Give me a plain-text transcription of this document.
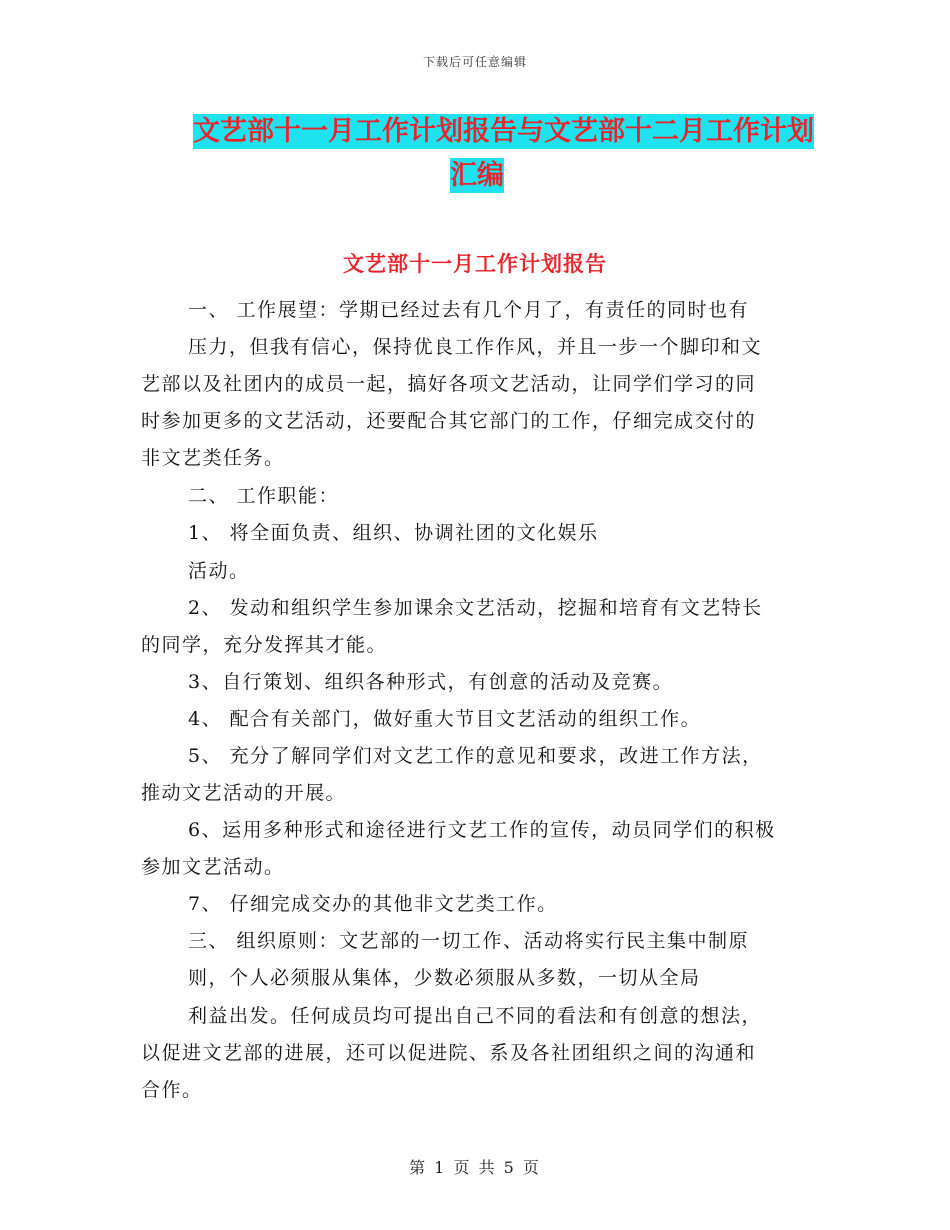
下载后可任意编辑
文艺部十一月工作计划报告与文艺部十二月工作计划
汇编
文艺部十一月工作计划报告
一、 工作展望：学期已经过去有几个月了，有责任的同时也有
压力，但我有信心，保持优良工作作风，并且一步一个脚印和文
艺部以及社团内的成员一起，搞好各项文艺活动，让同学们学习的同
时参加更多的文艺活动，还要配合其它部门的工作，仔细完成交付的
非文艺类任务。
二、 工作职能：
1、 将全面负责、组织、协调社团的文化娱乐
活动。
2、 发动和组织学生参加课余文艺活动，挖掘和培育有文艺特长
的同学，充分发挥其才能。
3、自行策划、组织各种形式，有创意的活动及竞赛。
4、 配合有关部门，做好重大节目文艺活动的组织工作。
5、 充分了解同学们对文艺工作的意见和要求，改进工作方法，
推动文艺活动的开展。
6、运用多种形式和途径进行文艺工作的宣传，动员同学们的积极
参加文艺活动。
7、 仔细完成交办的其他非文艺类工作。
三、 组织原则：文艺部的一切工作、活动将实行民主集中制原
则，个人必须服从集体，少数必须服从多数，一切从全局
利益出发。任何成员均可提出自己不同的看法和有创意的想法，
以促进文艺部的进展，还可以促进院、系及各社团组织之间的沟通和
合作。
第 1 页 共 5 页
